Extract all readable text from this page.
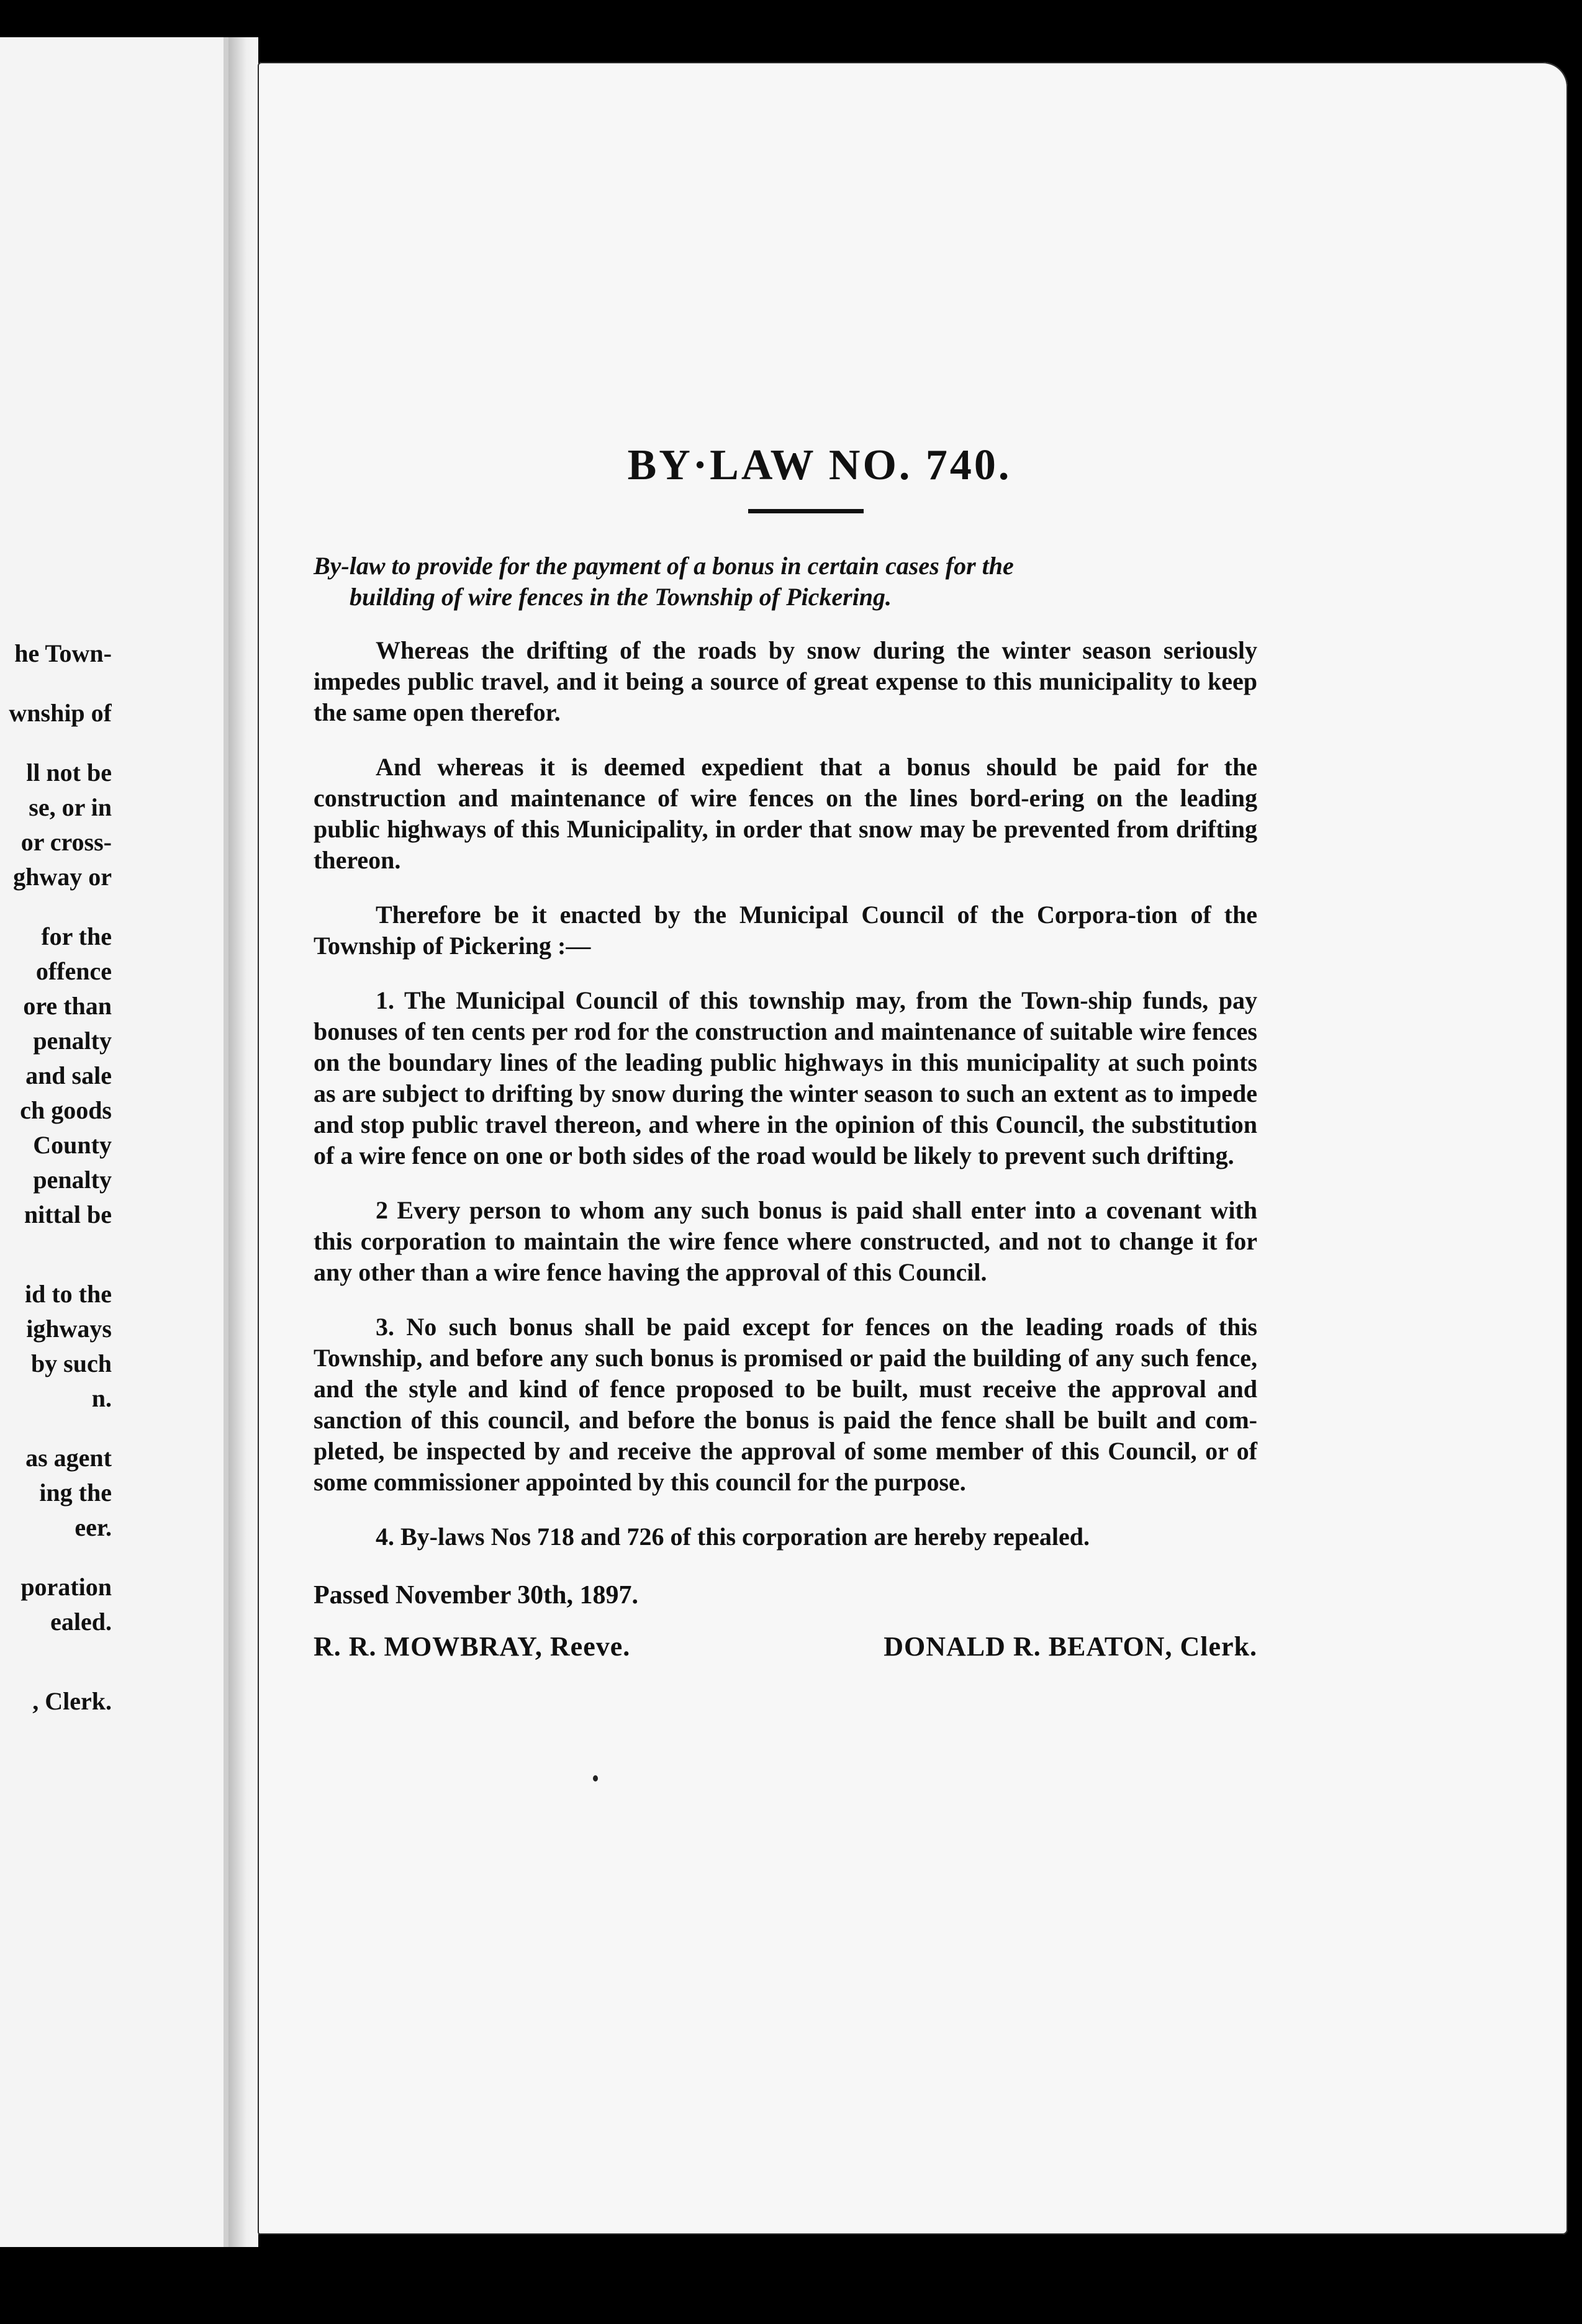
he Town-
wnship of
ll not be
se, or in
or cross-
ghway or
for the
offence
ore than
penalty
and sale
ch goods
County
penalty
nittal be
id to the
ighways
by such
n.
as agent
ing the
eer.
poration
ealed.
, Clerk.
BY·LAW NO. 740.
By-law to provide for the payment of a bonus in certain cases for the
building of wire fences in the Township of Pickering.

Whereas the drifting of the roads by snow during the winter season seriously impedes public travel, and it being a source of great expense to this municipality to keep the same open therefor.

And whereas it is deemed expedient that a bonus should be paid for the construction and maintenance of wire fences on the lines bord-ering on the leading public highways of this Municipality, in order that snow may be prevented from drifting thereon.

Therefore be it enacted by the Municipal Council of the Corpora-tion of the Township of Pickering :—

1. The Municipal Council of this township may, from the Town-ship funds, pay bonuses of ten cents per rod for the construction and maintenance of suitable wire fences on the boundary lines of the leading public highways in this municipality at such points as are subject to drifting by snow during the winter season to such an extent as to impede and stop public travel thereon, and where in the opinion of this Council, the substitution of a wire fence on one or both sides of the road would be likely to prevent such drifting.

2 Every person to whom any such bonus is paid shall enter into a covenant with this corporation to maintain the wire fence where constructed, and not to change it for any other than a wire fence having the approval of this Council.

3. No such bonus shall be paid except for fences on the leading roads of this Township, and before any such bonus is promised or paid the building of any such fence, and the style and kind of fence proposed to be built, must receive the approval and sanction of this council, and before the bonus is paid the fence shall be built and com-pleted, be inspected by and receive the approval of some member of this Council, or of some commissioner appointed by this council for the purpose.

4. By-laws Nos 718 and 726 of this corporation are hereby repealed.

Passed November 30th, 1897.
R. R. MOWBRAY, Reeve.	DONALD R. BEATON, Clerk.
